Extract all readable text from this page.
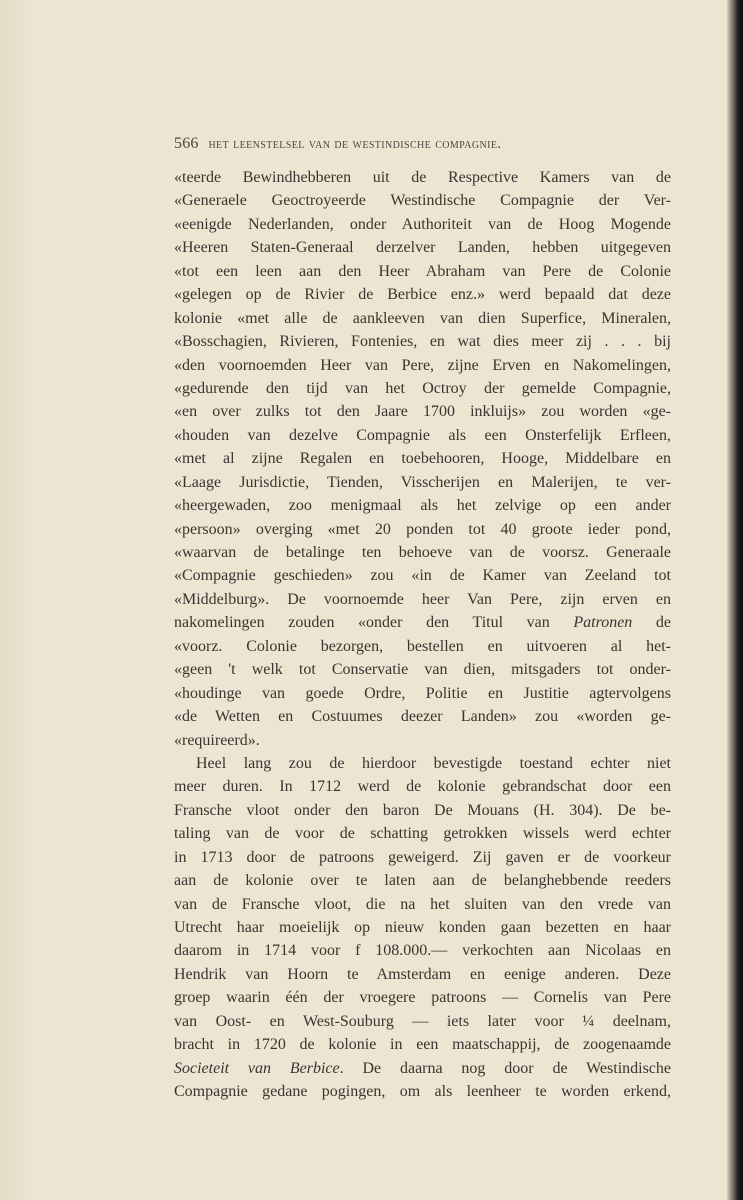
566 het leenstelsel van de westindische compagnie.
«teerde Bewindhebberen uit de Respective Kamers van de
«Generaele Geoctroyeerde Westindische Compagnie der Ver-
«eenigde Nederlanden, onder Authoriteit van de Hoog Mogende
«Heeren Staten-Generaal derzelver Landen, hebben uitgegeven
«tot een leen aan den Heer Abraham van Pere de Colonie
«gelegen op de Rivier de Berbice enz.» werd bepaald dat deze
kolonie «met alle de aankleeven van dien Superfice, Mineralen,
«Bosschagien, Rivieren, Fontenies, en wat dies meer zij . . . bij
«den voornoemden Heer van Pere, zijne Erven en Nakomelingen,
«gedurende den tijd van het Octroy der gemelde Compagnie,
«en over zulks tot den Jaare 1700 inkluijs» zou worden «ge-
«houden van dezelve Compagnie als een Onsterfelijk Erfleen,
«met al zijne Regalen en toebehooren, Hooge, Middelbare en
«Laage Jurisdictie, Tienden, Visscherijen en Malerijen, te ver-
«heergewaden, zoo menigmaal als het zelvige op een ander
«persoon» overging «met 20 ponden tot 40 groote ieder pond,
«waarvan de betalinge ten behoeve van de voorsz. Generaale
«Compagnie geschieden» zou «in de Kamer van Zeeland tot
«Middelburg». De voornoemde heer Van Pere, zijn erven en
nakomelingen zouden «onder den Titul van Patronen de
«voorz. Colonie bezorgen, bestellen en uitvoeren al het-
«geen 't welk tot Conservatie van dien, mitsgaders tot onder-
«houdinge van goede Ordre, Politie en Justitie agtervolgens
«de Wetten en Costuumes deezer Landen» zou «worden ge-
«requireerd».
Heel lang zou de hierdoor bevestigde toestand echter niet
meer duren. In 1712 werd de kolonie gebrandschat door een
Fransche vloot onder den baron De Mouans (H. 304). De be-
taling van de voor de schatting getrokken wissels werd echter
in 1713 door de patroons geweigerd. Zij gaven er de voorkeur
aan de kolonie over te laten aan de belanghebbende reeders
van de Fransche vloot, die na het sluiten van den vrede van
Utrecht haar moeielijk op nieuw konden gaan bezetten en haar
daarom in 1714 voor f 108.000.— verkochten aan Nicolaas en
Hendrik van Hoorn te Amsterdam en eenige anderen. Deze
groep waarin één der vroegere patroons — Cornelis van Pere
van Oost- en West-Souburg — iets later voor ¼ deelnam,
bracht in 1720 de kolonie in een maatschappij, de zoogenaamde
Societeit van Berbice. De daarna nog door de Westindische
Compagnie gedane pogingen, om als leenheer te worden erkend,
